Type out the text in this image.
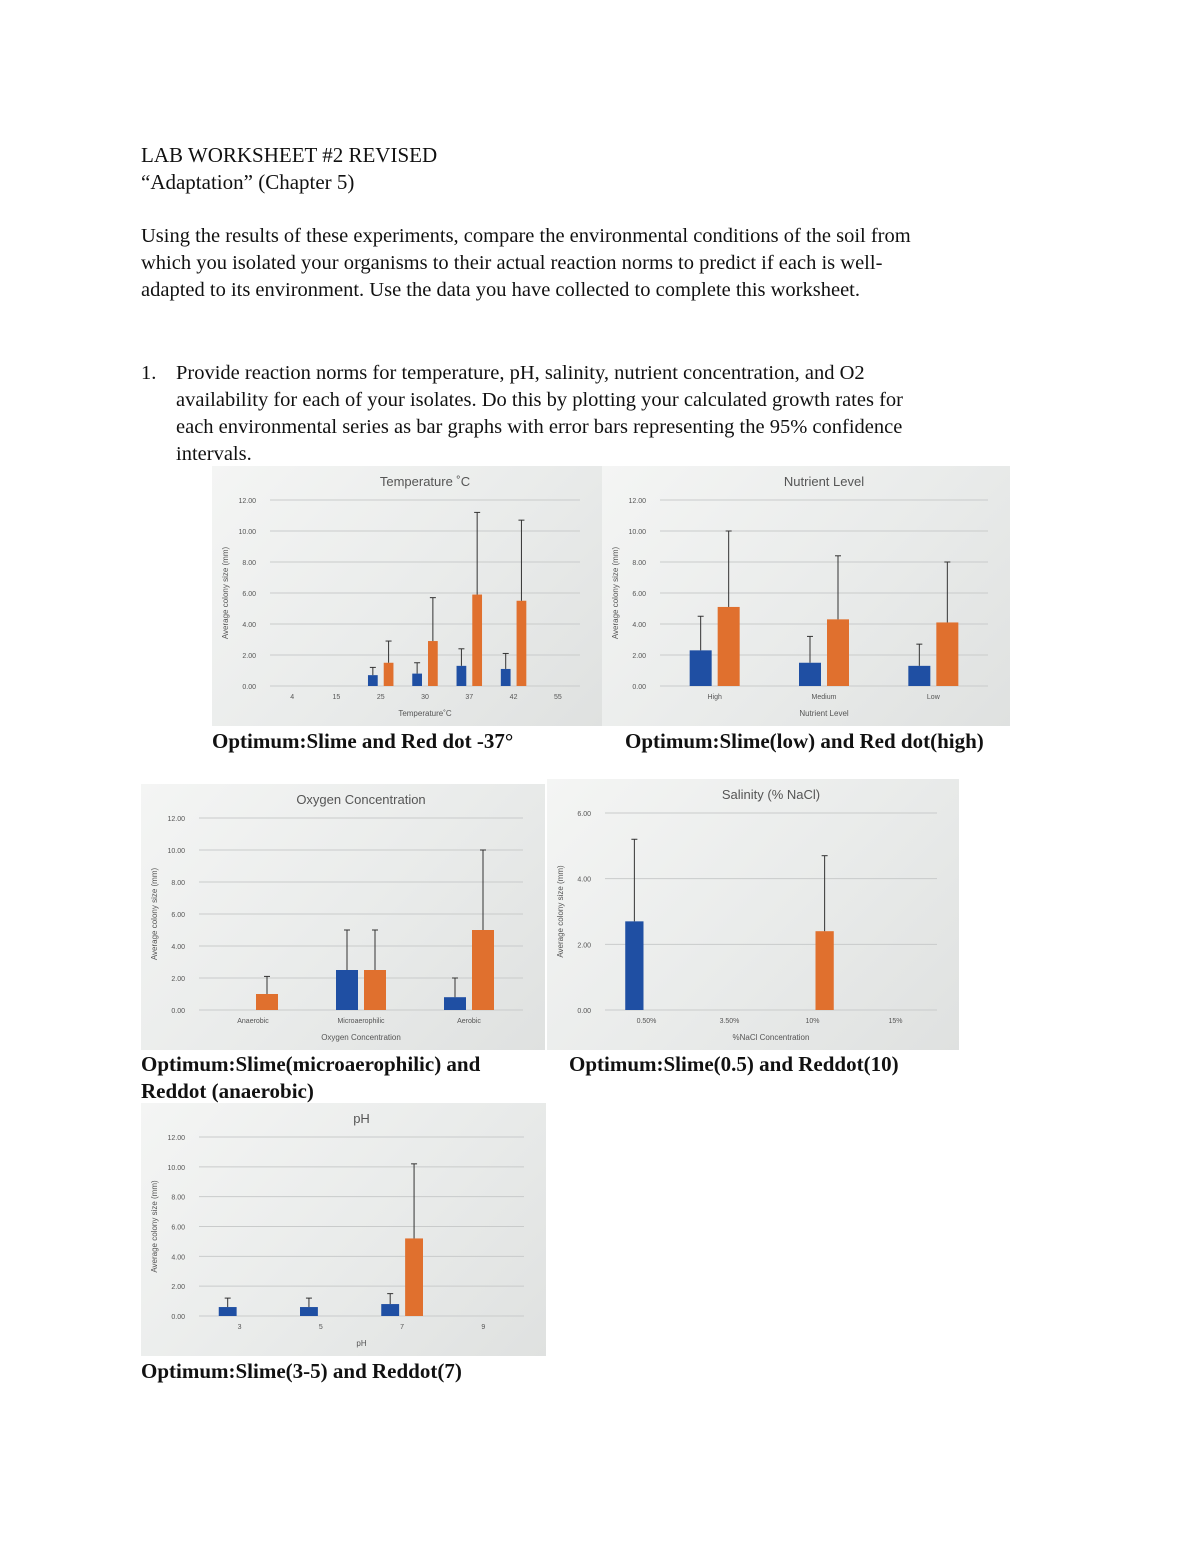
LAB WORKSHEET #2 REVISED
“Adaptation” (Chapter 5)
Using the results of these experiments, compare the environmental conditions of the soil from
which you isolated your organisms to their actual reaction norms to predict if each is well-
adapted to its environment. Use the data you have collected to complete this worksheet.
1. Provide reaction norms for temperature, pH, salinity, nutrient concentration, and O2
availability for each of your isolates. Do this by plotting your calculated growth rates for
each environmental series as bar graphs with error bars representing the 95% confidence
intervals.
Temperature ˚C
0.00
2.00
4.00
6.00
8.00
10.00
12.00
Average colony size (mm)
4	15	25	30	37	42	55
Temperature˚C
Nutrient Level
0.00
2.00
4.00
6.00
8.00
10.00
12.00
Average colony size (mm)
High	Medium	Low
Nutrient Level
Oxygen Concentration
0.00
2.00
4.00
6.00
8.00
10.00
12.00
Average colony size (mm)
Anaerobic	Microaerophilic	Aerobic
Oxygen Concentration
Salinity (% NaCl)
0.00
2.00
4.00
6.00
Average colony size (mm)
0.50%	3.50%	10%	15%
%NaCl Concentration
pH
0.00
2.00
4.00
6.00
8.00
10.00
12.00
Average colony size (mm)
3	5	7	9
pH
Optimum:Slime and Red dot -37°	Optimum:Slime(low) and Red dot(high)
Optimum:Slime(microaerophilic) and
Reddot (anaerobic)
Optimum:Slime(0.5) and Reddot(10)
Optimum:Slime(3-5) and Reddot(7)
